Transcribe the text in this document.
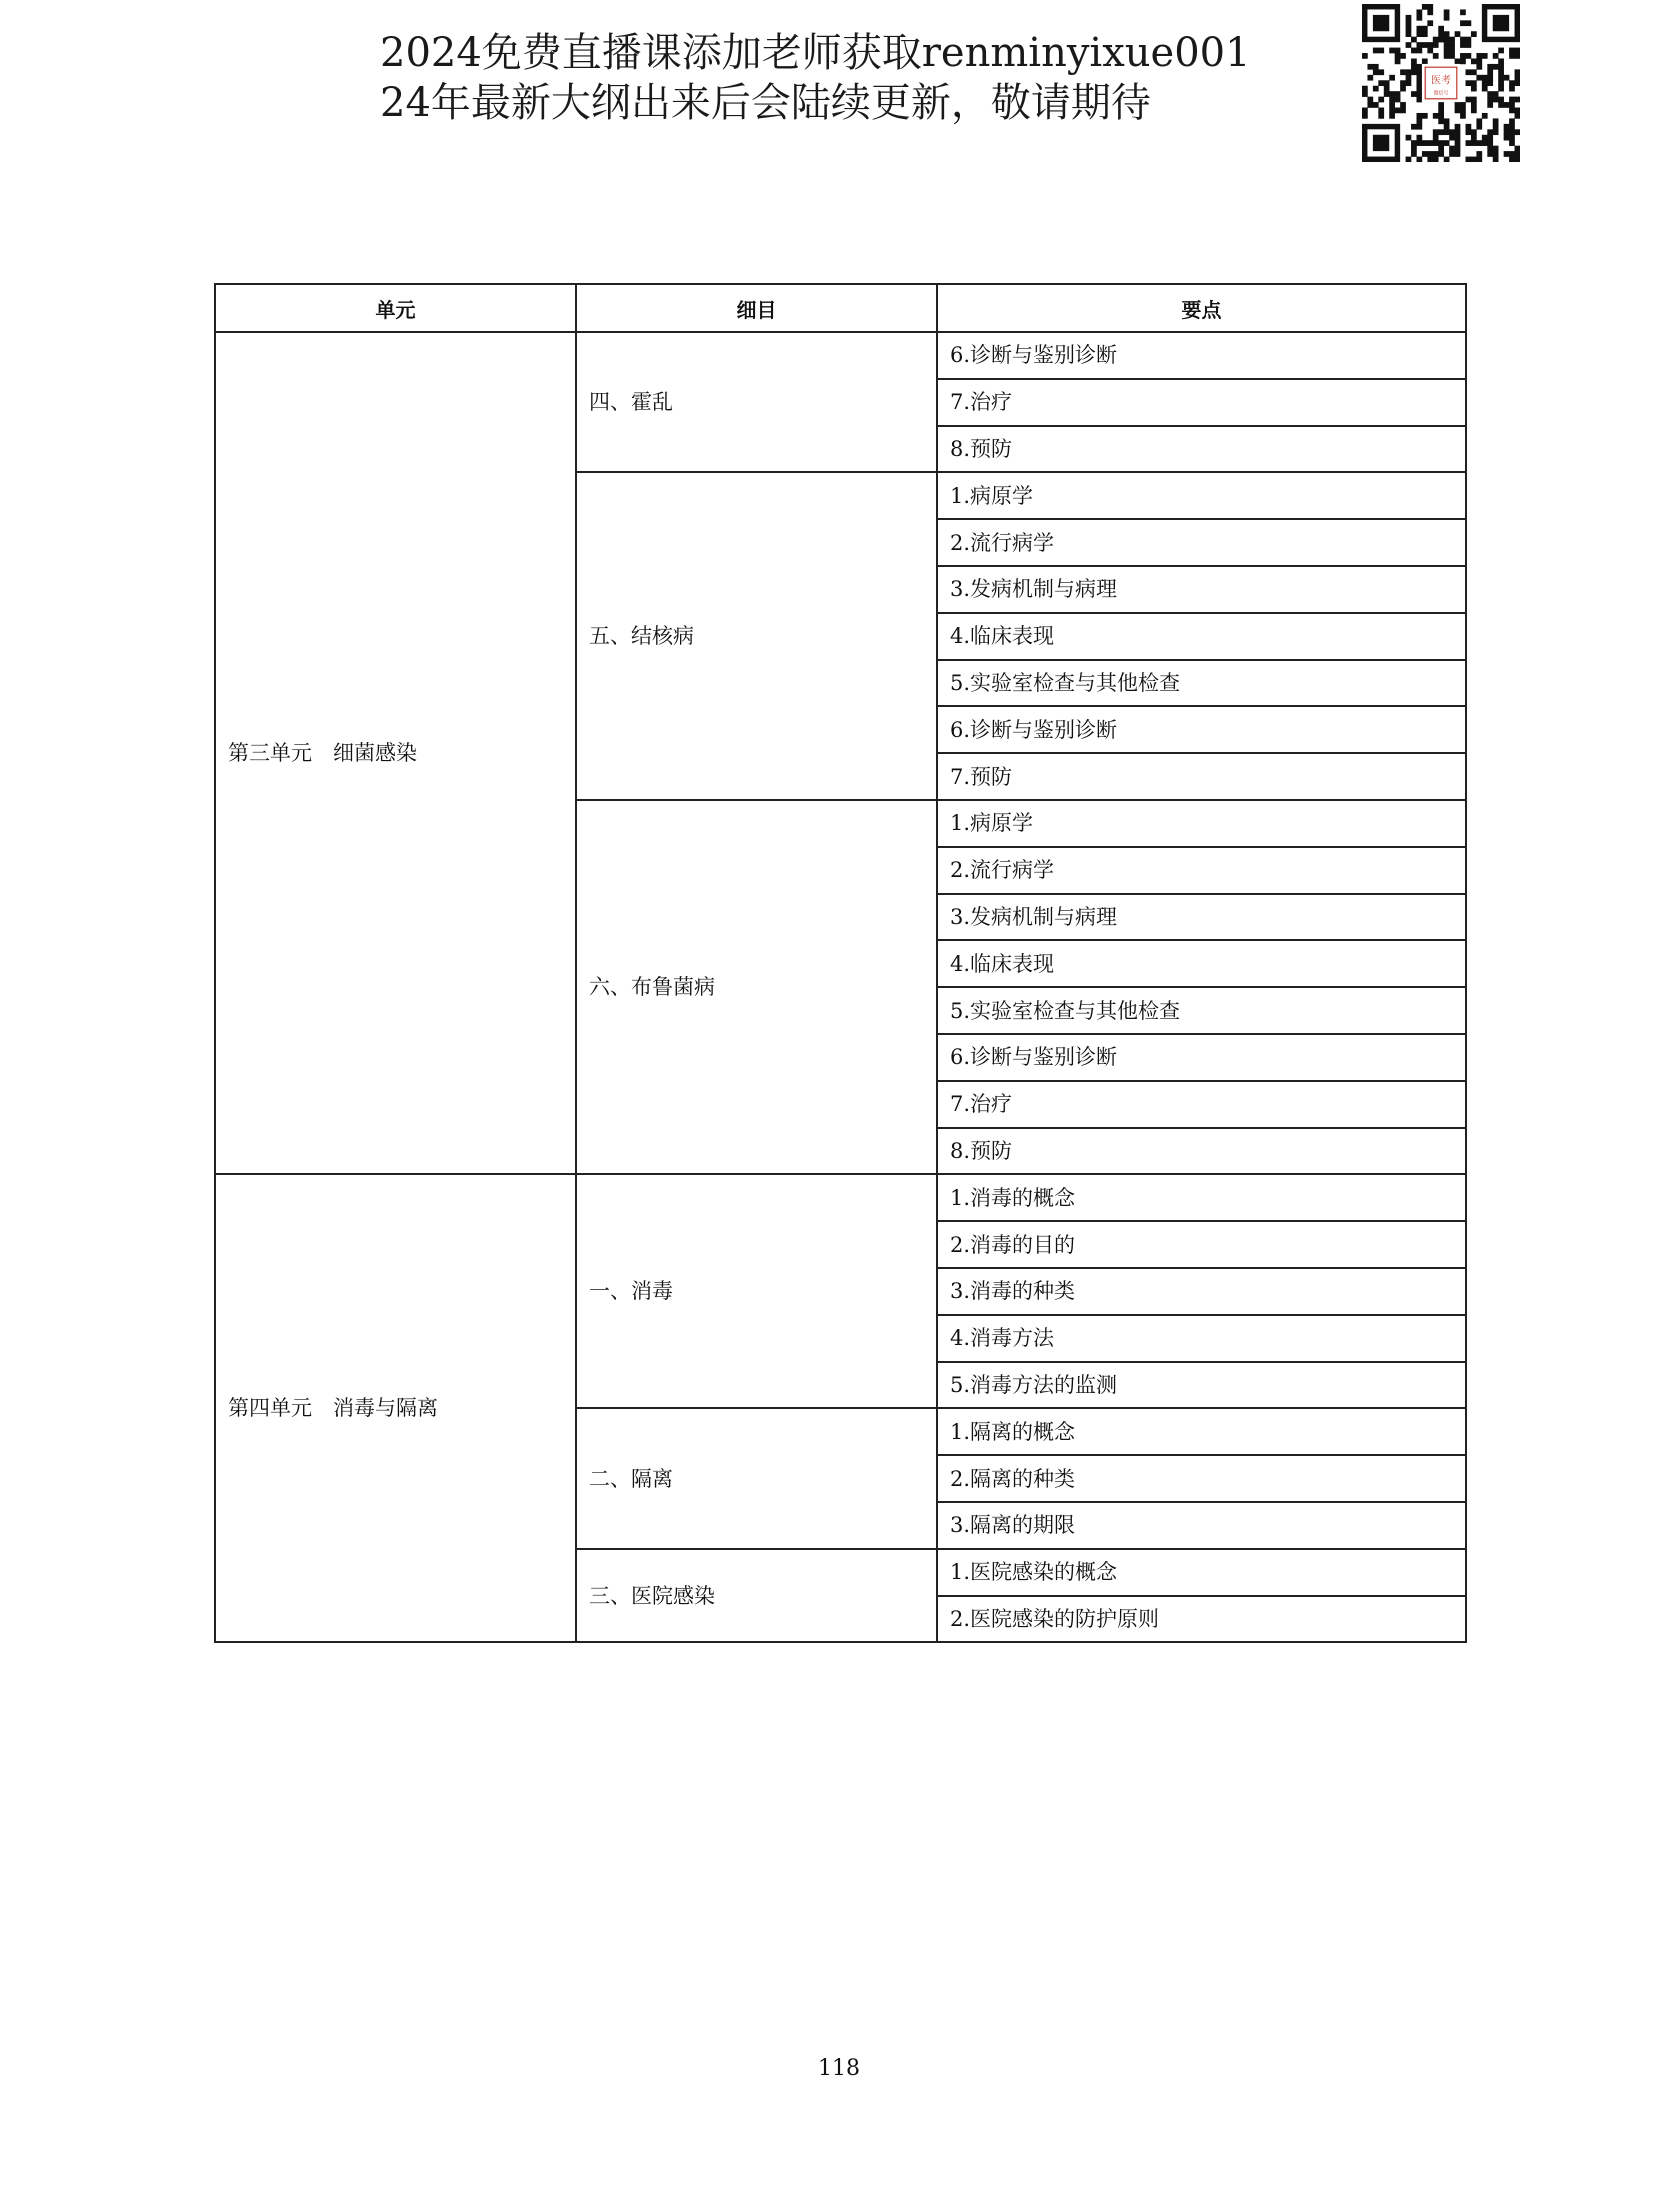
2024免费直播课添加老师获取renminyixue001
24年最新大纲出来后会陆续更新，敬请期待	医考
微信号
单元	细目	要点
第三单元　细菌感染	四、霍乱	6.诊断与鉴别诊断
		7.治疗
		8.预防
	五、结核病	1.病原学
		2.流行病学
		3.发病机制与病理
		4.临床表现
		5.实验室检查与其他检查
		6.诊断与鉴别诊断
		7.预防
	六、布鲁菌病	1.病原学
		2.流行病学
		3.发病机制与病理
		4.临床表现
		5.实验室检查与其他检查
		6.诊断与鉴别诊断
		7.治疗
		8.预防
第四单元　消毒与隔离	一、消毒	1.消毒的概念
		2.消毒的目的
		3.消毒的种类
		4.消毒方法
		5.消毒方法的监测
	二、隔离	1.隔离的概念
		2.隔离的种类
		3.隔离的期限
	三、医院感染	1.医院感染的概念
		2.医院感染的防护原则
118
